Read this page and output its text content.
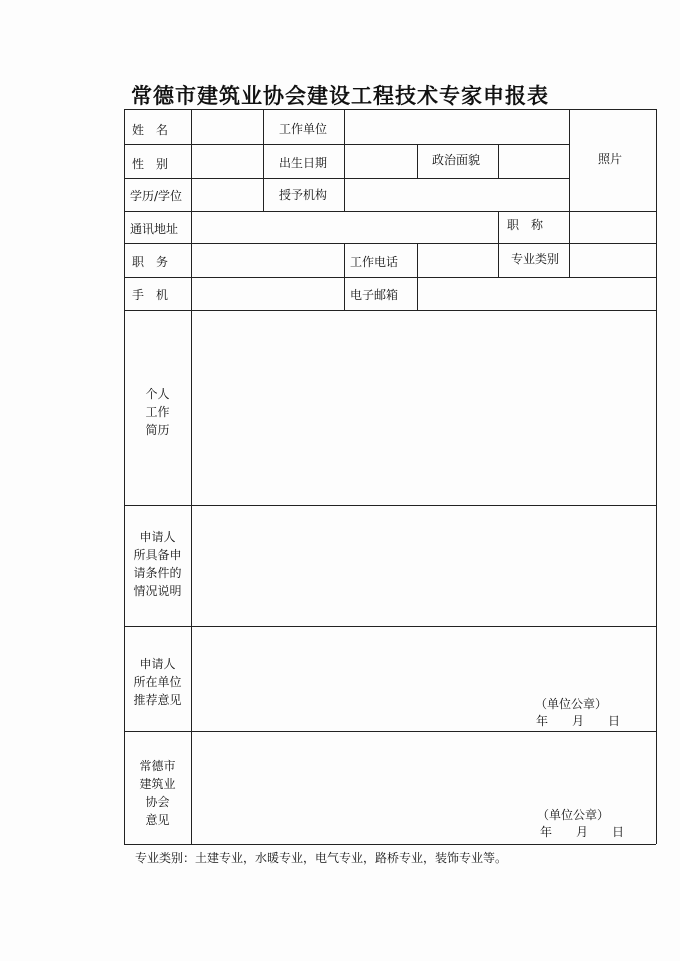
常德市建筑业协会建设工程技术专家申报表
姓　名
性　别
学历/学位
通讯地址
职　务
手　机
工作单位
出生日期	政治面貌
授予机构
职　称
工作电话	专业类别
电子邮箱
照片
个人
工作
简历
申请人
所具备申
请条件的
情况说明
申请人
所在单位
推荐意见
常德市
建筑业
协会
意见
（单位公章）
年　　月　　日
（单位公章）
年　　月　　日
专业类别：土建专业，水暖专业，电气专业，路桥专业，装饰专业等。
